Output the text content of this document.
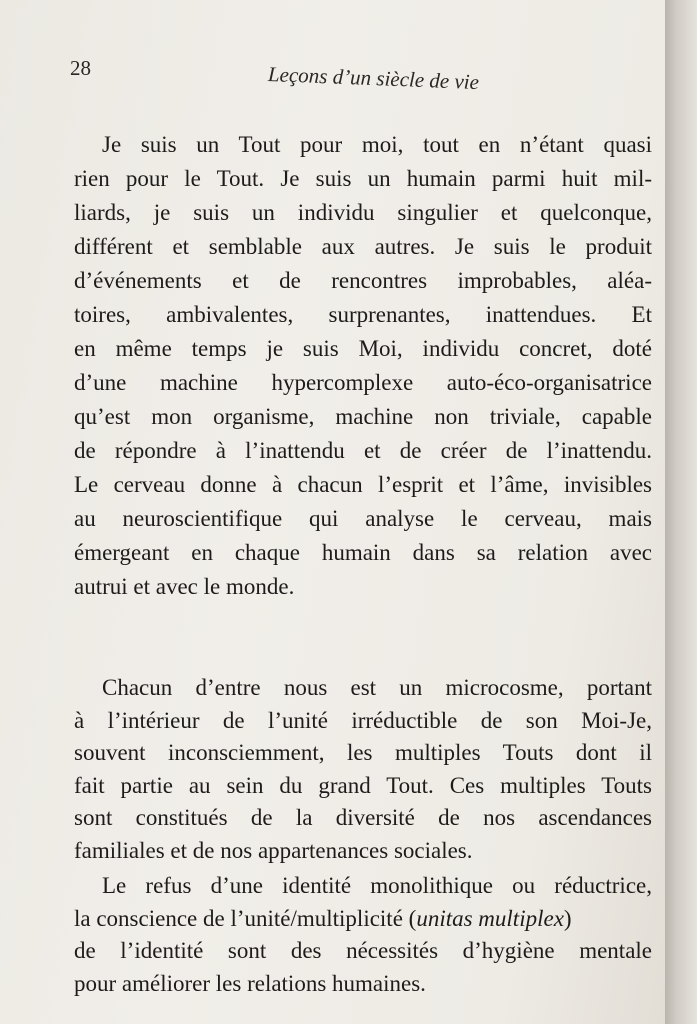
28	Leçons d’un siècle de vie
Je suis un Tout pour moi, tout en n’étant quasi
rien pour le Tout. Je suis un humain parmi huit mil-
liards, je suis un individu singulier et quelconque,
différent et semblable aux autres. Je suis le produit
d’événements et de rencontres improbables, aléa-
toires, ambivalentes, surprenantes, inattendues. Et
en même temps je suis Moi, individu concret, doté
d’une machine hypercomplexe auto-éco-organisatrice
qu’est mon organisme, machine non triviale, capable
de répondre à l’inattendu et de créer de l’inattendu.
Le cerveau donne à chacun l’esprit et l’âme, invisibles
au neuroscientifique qui analyse le cerveau, mais
émergeant en chaque humain dans sa relation avec
autrui et avec le monde.
Chacun d’entre nous est un microcosme, portant
à l’intérieur de l’unité irréductible de son Moi-Je,
souvent inconsciemment, les multiples Touts dont il
fait partie au sein du grand Tout. Ces multiples Touts
sont constitués de la diversité de nos ascendances
familiales et de nos appartenances sociales.
Le refus d’une identité monolithique ou réductrice,
la conscience de l’unité/multiplicité (unitas multiplex)
de l’identité sont des nécessités d’hygiène mentale
pour améliorer les relations humaines.
